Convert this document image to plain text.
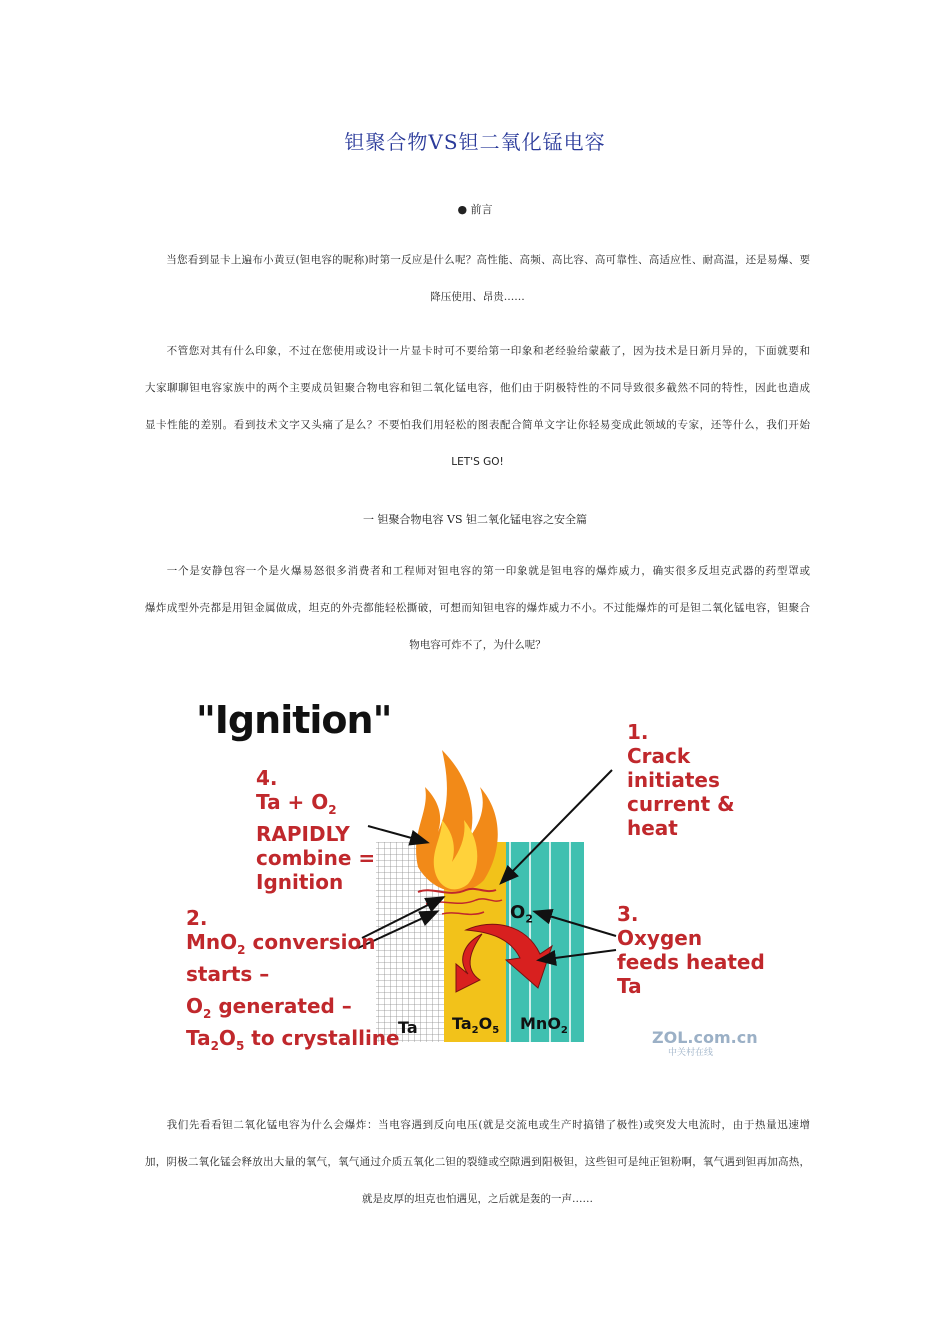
钽聚合物VS钽二氧化锰电容
● 前言
当您看到显卡上遍布小黄豆(钽电容的昵称)时第一反应是什么呢？高性能、高频、高比容、高可靠性、高适应性、耐高温，还是易爆、要
降压使用、昂贵……
不管您对其有什么印象，不过在您使用或设计一片显卡时可不要给第一印象和老经验给蒙蔽了，因为技术是日新月异的，下面就要和
大家聊聊钽电容家族中的两个主要成员钽聚合物电容和钽二氧化锰电容，他们由于阴极特性的不同导致很多截然不同的特性，因此也造成
显卡性能的差别。看到技术文字又头痛了是么？不要怕我们用轻松的图表配合简单文字让你轻易变成此领域的专家，还等什么，我们开始
LET'S GO!
一 钽聚合物电容 VS 钽二氧化锰电容之安全篇
一个是安静包容一个是火爆易怒很多消费者和工程师对钽电容的第一印象就是钽电容的爆炸威力，确实很多反坦克武器的药型罩或
爆炸成型外壳都是用钽金属做成，坦克的外壳都能轻松撕破，可想而知钽电容的爆炸威力不小。不过能爆炸的可是钽二氧化锰电容，钽聚合
物电容可炸不了，为什么呢？
"Ignition"
4.
$Ta + O_2$
RAPIDLY
combine =
Ignition
1.
Crack
initiates
current &
heat
2.
MnO$_2$ conversion
starts –
$O_2$ generated –
$Ta_2O_5$ to crystalline
3.
Oxygen
feeds heated
Ta
Ta $Ta_2O_5$ MnO$_2$
$O_2$
ZOL.com.cn
中关村在线
我们先看看钽二氧化锰电容为什么会爆炸：当电容遇到反向电压(就是交流电或生产时搞错了极性)或突发大电流时，由于热量迅速增
加，阴极二氧化锰会释放出大量的氧气，氧气通过介质五氧化二钽的裂缝或空隙遇到阳极钽，这些钽可是纯正钽粉啊，氧气遇到钽再加高热，
就是皮厚的坦克也怕遇见，之后就是轰的一声……
